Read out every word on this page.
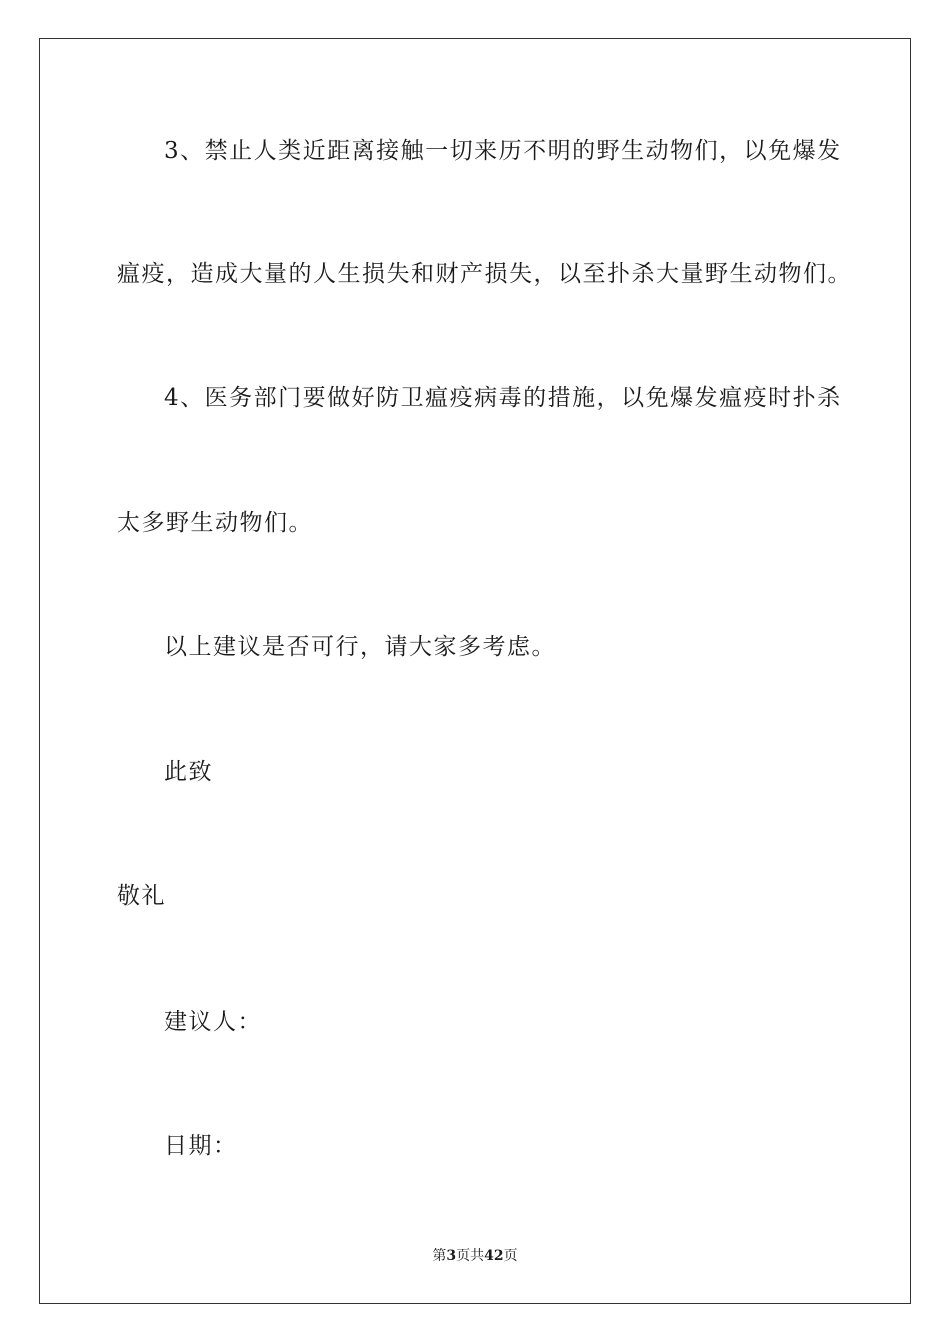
3、禁止人类近距离接触一切来历不明的野生动物们，以免爆发
瘟疫，造成大量的人生损失和财产损失，以至扑杀大量野生动物们。
4、医务部门要做好防卫瘟疫病毒的措施，以免爆发瘟疫时扑杀
太多野生动物们。
以上建议是否可行，请大家多考虑。
此致
敬礼
建议人：
日期：
第3页共42页
